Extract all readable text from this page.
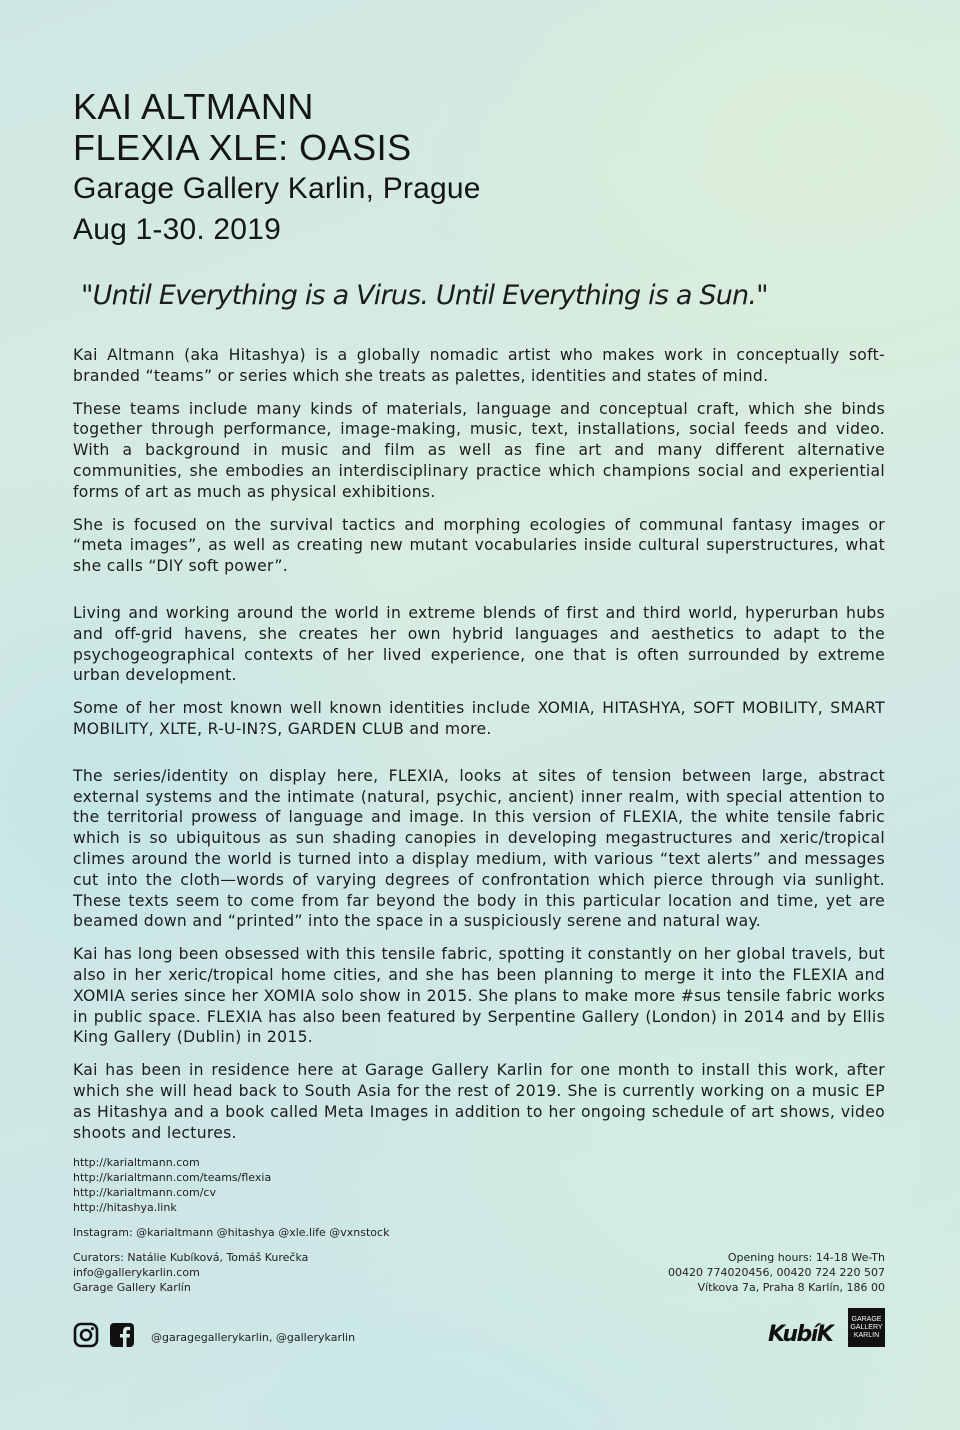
KAI ALTMANN
FLEXIA XLE: OASIS
Garage Gallery Karlin, Prague
Aug 1-30. 2019
"Until Everything is a Virus. Until Everything is a Sun."

Kai Altmann (aka Hitashya) is a globally nomadic artist who makes work in conceptually soft-branded “teams” or series which she treats as palettes, identities and states of mind.

These teams include many kinds of materials, language and conceptual craft, which she binds together through performance, image-making, music, text, installations, social feeds and video. With a background in music and film as well as fine art and many different alternative communities, she embodies an interdisciplinary practice which champions social and experiential forms of art as much as physical exhibitions.

She is focused on the survival tactics and morphing ecologies of communal fantasy images or “meta images”, as well as creating new mutant vocabularies inside cultural superstructures, what she calls “DIY soft power”.

Living and working around the world in extreme blends of first and third world, hyperurban hubs and off-grid havens, she creates her own hybrid languages and aesthetics to adapt to the psychogeographical contexts of her lived experience, one that is often surrounded by extreme urban development.

Some of her most known well known identities include XOMIA, HITASHYA, SOFT MOBILITY, SMART MOBILITY, XLTE, R-U-IN?S, GARDEN CLUB and more.

The series/identity on display here, FLEXIA, looks at sites of tension between large, abstract external systems and the intimate (natural, psychic, ancient) inner realm, with special attention to the territorial prowess of language and image. In this version of FLEXIA, the white tensile fabric which is so ubiquitous as sun shading canopies in developing megastructures and xeric/tropical climes around the world is turned into a display medium, with various “text alerts” and messages cut into the cloth—words of varying degrees of confrontation which pierce through via sunlight. These texts seem to come from far beyond the body in this particular location and time, yet are beamed down and “printed” into the space in a suspiciously serene and natural way.

Kai has long been obsessed with this tensile fabric, spotting it constantly on her global travels, but also in her xeric/tropical home cities, and she has been planning to merge it into the FLEXIA and XOMIA series since her XOMIA solo show in 2015. She plans to make more #sus tensile fabric works in public space. FLEXIA has also been featured by Serpentine Gallery (London) in 2014 and by Ellis King Gallery (Dublin) in 2015.

Kai has been in residence here at Garage Gallery Karlin for one month to install this work, after which she will head back to South Asia for the rest of 2019. She is currently working on a music EP as Hitashya and a book called Meta Images in addition to her ongoing schedule of art shows, video shoots and lectures.

http://karialtmann.com
http://karialtmann.com/teams/flexia
http://karialtmann.com/cv
http://hitashya.link
Instagram: @karialtmann @hitashya @xle.life @vxnstock
Curators: Natálie Kubíková, Tomáš Kurečka
info@gallerykarlin.com
Garage Gallery Karlín
Opening hours: 14-18 We-Th
00420 774020456, 00420 724 220 507
Vítkova 7a, Praha 8 Karlín, 186 00
@garagegallerykarlin, @gallerykarlin	KubíK
GARAGE
GALLERY
KARLIN
